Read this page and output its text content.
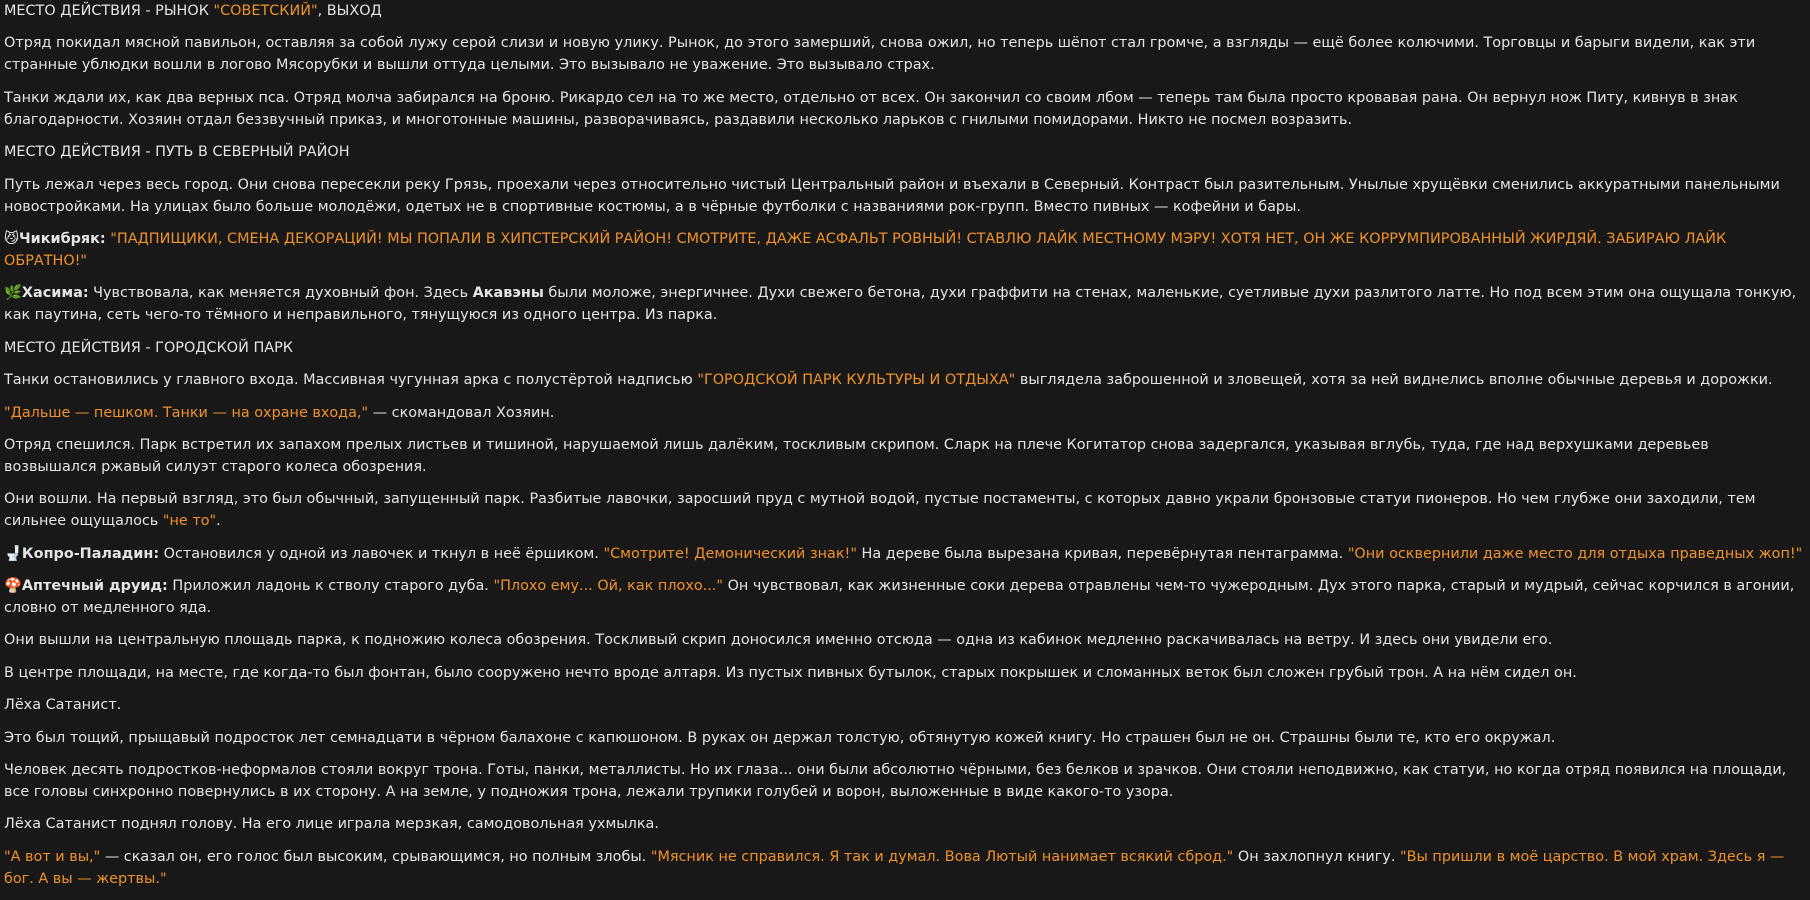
МЕСТО ДЕЙСТВИЯ - РЫНОК "СОВЕТСКИЙ", ВЫХОД
Отряд покидал мясной павильон, оставляя за собой лужу серой слизи и новую улику. Рынок, до этого замерший, снова ожил, но теперь шёпот стал громче, а взгляды — ещё более колючими. Торговцы и барыги видели, как эти странные ублюдки вошли в логово Мясорубки и вышли оттуда целыми. Это вызывало не уважение. Это вызывало страх.
Танки ждали их, как два верных пса. Отряд молча забирался на броню. Рикардо сел на то же место, отдельно от всех. Он закончил со своим лбом — теперь там была просто кровавая рана. Он вернул нож Питу, кивнув в знак благодарности. Хозяин отдал беззвучный приказ, и многотонные машины, разворачиваясь, раздавили несколько ларьков с гнилыми помидорами. Никто не посмел возразить.
МЕСТО ДЕЙСТВИЯ - ПУТЬ В СЕВЕРНЫЙ РАЙОН
Путь лежал через весь город. Они снова пересекли реку Грязь, проехали через относительно чистый Центральный район и въехали в Северный. Контраст был разительным. Унылые хрущёвки сменились аккуратными панельными новостройками. На улицах было больше молодёжи, одетых не в спортивные костюмы, а в чёрные футболки с названиями рок-групп. Вместо пивных — кофейни и бары.
😼Чикибряк: "ПАДПИЩИКИ, СМЕНА ДЕКОРАЦИЙ! МЫ ПОПАЛИ В ХИПСТЕРСКИЙ РАЙОН! СМОТРИТЕ, ДАЖЕ АСФАЛЬТ РОВНЫЙ! СТАВЛЮ ЛАЙК МЕСТНОМУ МЭРУ! ХОТЯ НЕТ, ОН ЖЕ КОРРУМПИРОВАННЫЙ ЖИРДЯЙ. ЗАБИРАЮ ЛАЙК ОБРАТНО!"
🌿Хасима: Чувствовала, как меняется духовный фон. Здесь Акавэны были моложе, энергичнее. Духи свежего бетона, духи граффити на стенах, маленькие, суетливые духи разлитого латте. Но под всем этим она ощущала тонкую, как паутина, сеть чего-то тёмного и неправильного, тянущуюся из одного центра. Из парка.
МЕСТО ДЕЙСТВИЯ - ГОРОДСКОЙ ПАРК
Танки остановились у главного входа. Массивная чугунная арка с полустёртой надписью "ГОРОДСКОЙ ПАРК КУЛЬТУРЫ И ОТДЫХА" выглядела заброшенной и зловещей, хотя за ней виднелись вполне обычные деревья и дорожки.
"Дальше — пешком. Танки — на охране входа," — скомандовал Хозяин.
Отряд спешился. Парк встретил их запахом прелых листьев и тишиной, нарушаемой лишь далёким, тоскливым скрипом. Сларк на плече Когитатор снова задергался, указывая вглубь, туда, где над верхушками деревьев возвышался ржавый силуэт старого колеса обозрения.
Они вошли. На первый взгляд, это был обычный, запущенный парк. Разбитые лавочки, заросший пруд с мутной водой, пустые постаменты, с которых давно украли бронзовые статуи пионеров. Но чем глубже они заходили, тем сильнее ощущалось "не то".
🚽Копро-Паладин: Остановился у одной из лавочек и ткнул в неё ёршиком. "Смотрите! Демонический знак!" На дереве была вырезана кривая, перевёрнутая пентаграмма. "Они осквернили даже место для отдыха праведных жоп!"
🍄Аптечный друид: Приложил ладонь к стволу старого дуба. "Плохо ему... Ой, как плохо..." Он чувствовал, как жизненные соки дерева отравлены чем-то чужеродным. Дух этого парка, старый и мудрый, сейчас корчился в агонии, словно от медленного яда.
Они вышли на центральную площадь парка, к подножию колеса обозрения. Тоскливый скрип доносился именно отсюда — одна из кабинок медленно раскачивалась на ветру. И здесь они увидели его.
В центре площади, на месте, где когда-то был фонтан, было сооружено нечто вроде алтаря. Из пустых пивных бутылок, старых покрышек и сломанных веток был сложен грубый трон. А на нём сидел он.
Лёха Сатанист.
Это был тощий, прыщавый подросток лет семнадцати в чёрном балахоне с капюшоном. В руках он держал толстую, обтянутую кожей книгу. Но страшен был не он. Страшны были те, кто его окружал.
Человек десять подростков-неформалов стояли вокруг трона. Готы, панки, металлисты. Но их глаза... они были абсолютно чёрными, без белков и зрачков. Они стояли неподвижно, как статуи, но когда отряд появился на площади, все головы синхронно повернулись в их сторону. А на земле, у подножия трона, лежали трупики голубей и ворон, выложенные в виде какого-то узора.
Лёха Сатанист поднял голову. На его лице играла мерзкая, самодовольная ухмылка.
"А вот и вы," — сказал он, его голос был высоким, срывающимся, но полным злобы. "Мясник не справился. Я так и думал. Вова Лютый нанимает всякий сброд." Он захлопнул книгу. "Вы пришли в моё царство. В мой храм. Здесь я — бог. А вы — жертвы."
